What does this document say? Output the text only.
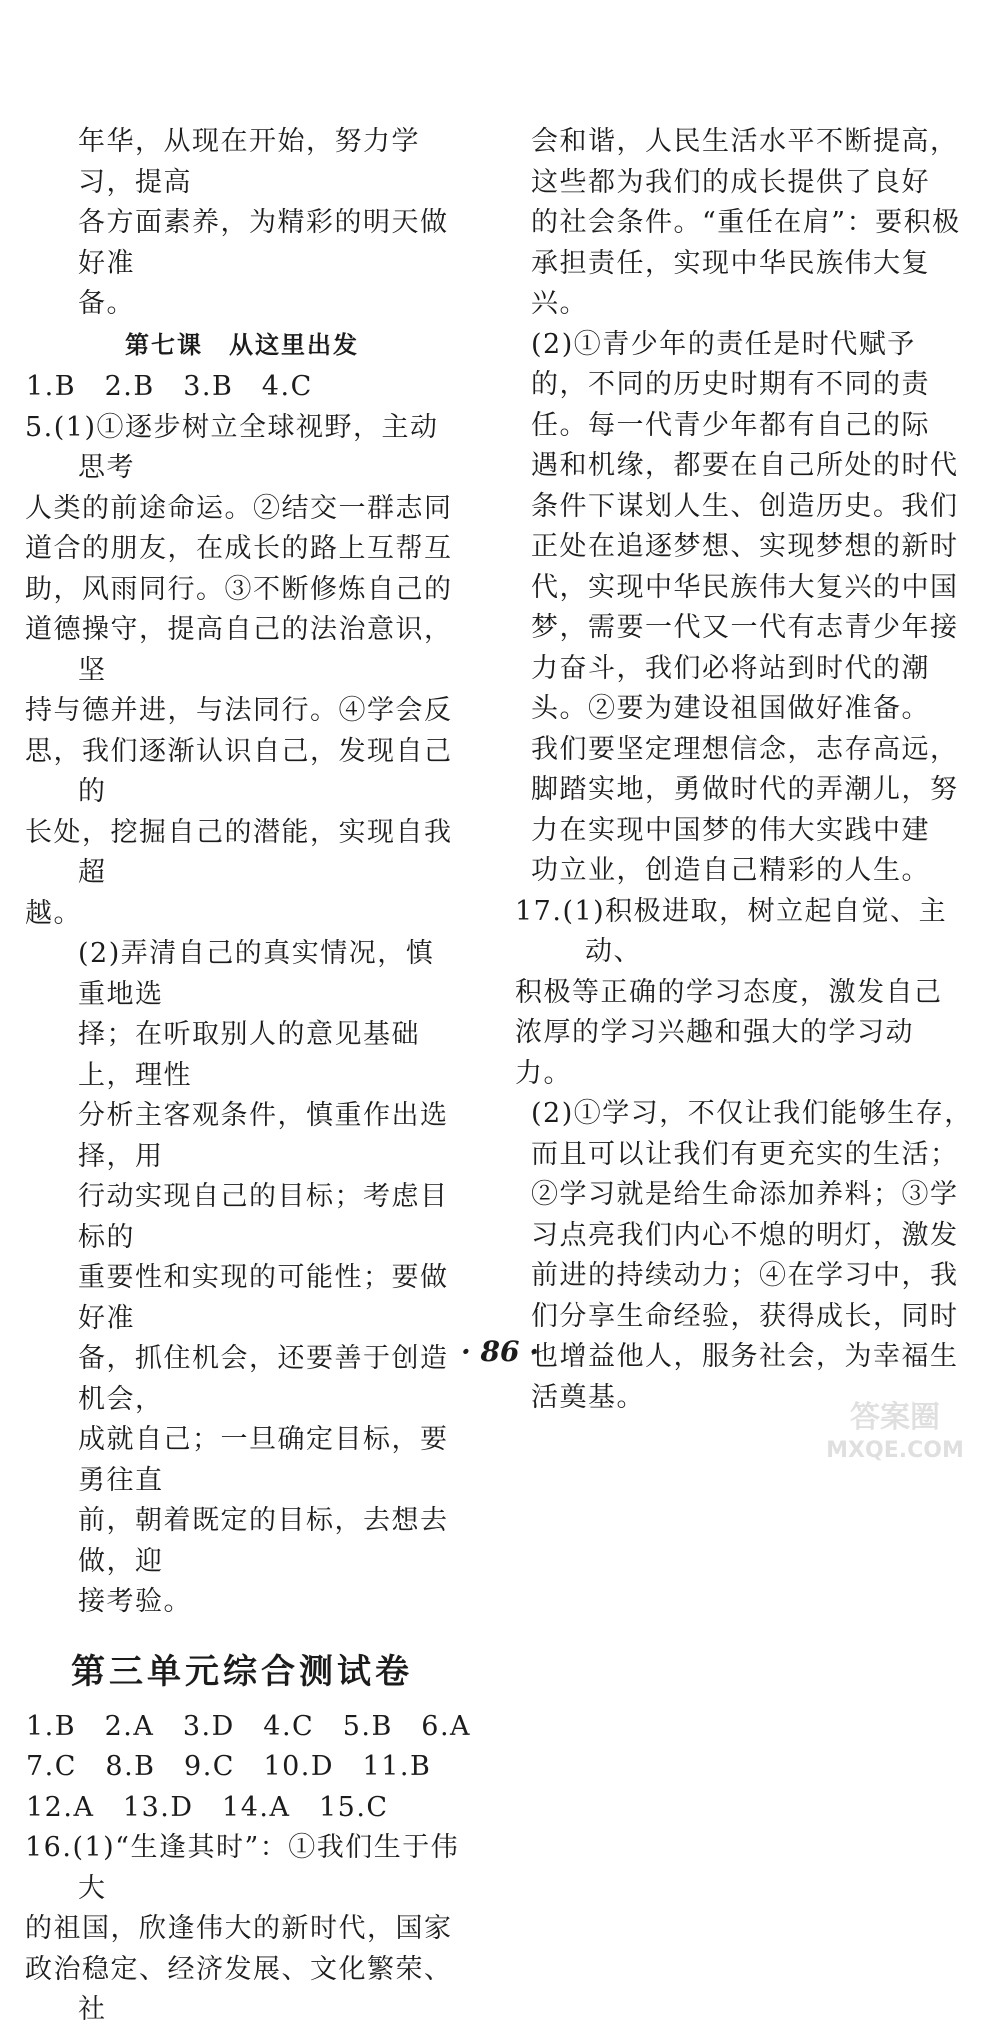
年华，从现在开始，努力学习，提高
各方面素养，为精彩的明天做好准
备。
第七课　从这里出发
1.B　2.B　3.B　4.C
5.(1)①逐步树立全球视野，主动思考
人类的前途命运。②结交一群志同
道合的朋友，在成长的路上互帮互
助，风雨同行。③不断修炼自己的
道德操守，提高自己的法治意识，坚
持与德并进，与法同行。④学会反
思，我们逐渐认识自己，发现自己的
长处，挖掘自己的潜能，实现自我超
越。
(2)弄清自己的真实情况，慎重地选
择；在听取别人的意见基础上，理性
分析主客观条件，慎重作出选择，用
行动实现自己的目标；考虑目标的
重要性和实现的可能性；要做好准
备，抓住机会，还要善于创造机会，
成就自己；一旦确定目标，要勇往直
前，朝着既定的目标，去想去做，迎
接考验。
第三单元综合测试卷
1.B　2.A　3.D　4.C　5.B　6.A
7.C　8.B　9.C　10.D　11.B
12.A　13.D　14.A　15.C
16.(1)“生逢其时”：①我们生于伟大
的祖国，欣逢伟大的新时代，国家
政治稳定、经济发展、文化繁荣、社
会和谐，人民生活水平不断提高，
这些都为我们的成长提供了良好
的社会条件。“重任在肩”：要积极
承担责任，实现中华民族伟大复
兴。
(2)①青少年的责任是时代赋予
的，不同的历史时期有不同的责
任。每一代青少年都有自己的际
遇和机缘，都要在自己所处的时代
条件下谋划人生、创造历史。我们
正处在追逐梦想、实现梦想的新时
代，实现中华民族伟大复兴的中国
梦，需要一代又一代有志青少年接
力奋斗，我们必将站到时代的潮
头。②要为建设祖国做好准备。
我们要坚定理想信念，志存高远，
脚踏实地，勇做时代的弄潮儿，努
力在实现中国梦的伟大实践中建
功立业，创造自己精彩的人生。
17.(1)积极进取，树立起自觉、主动、
积极等正确的学习态度，激发自己
浓厚的学习兴趣和强大的学习动
力。
(2)①学习，不仅让我们能够生存，
而且可以让我们有更充实的生活；
②学习就是给生命添加养料；③学
习点亮我们内心不熄的明灯，激发
前进的持续动力；④在学习中，我
们分享生命经验，获得成长，同时
也增益他人，服务社会，为幸福生
活奠基。
· 86 ·
答案圈
MXQE.COM
